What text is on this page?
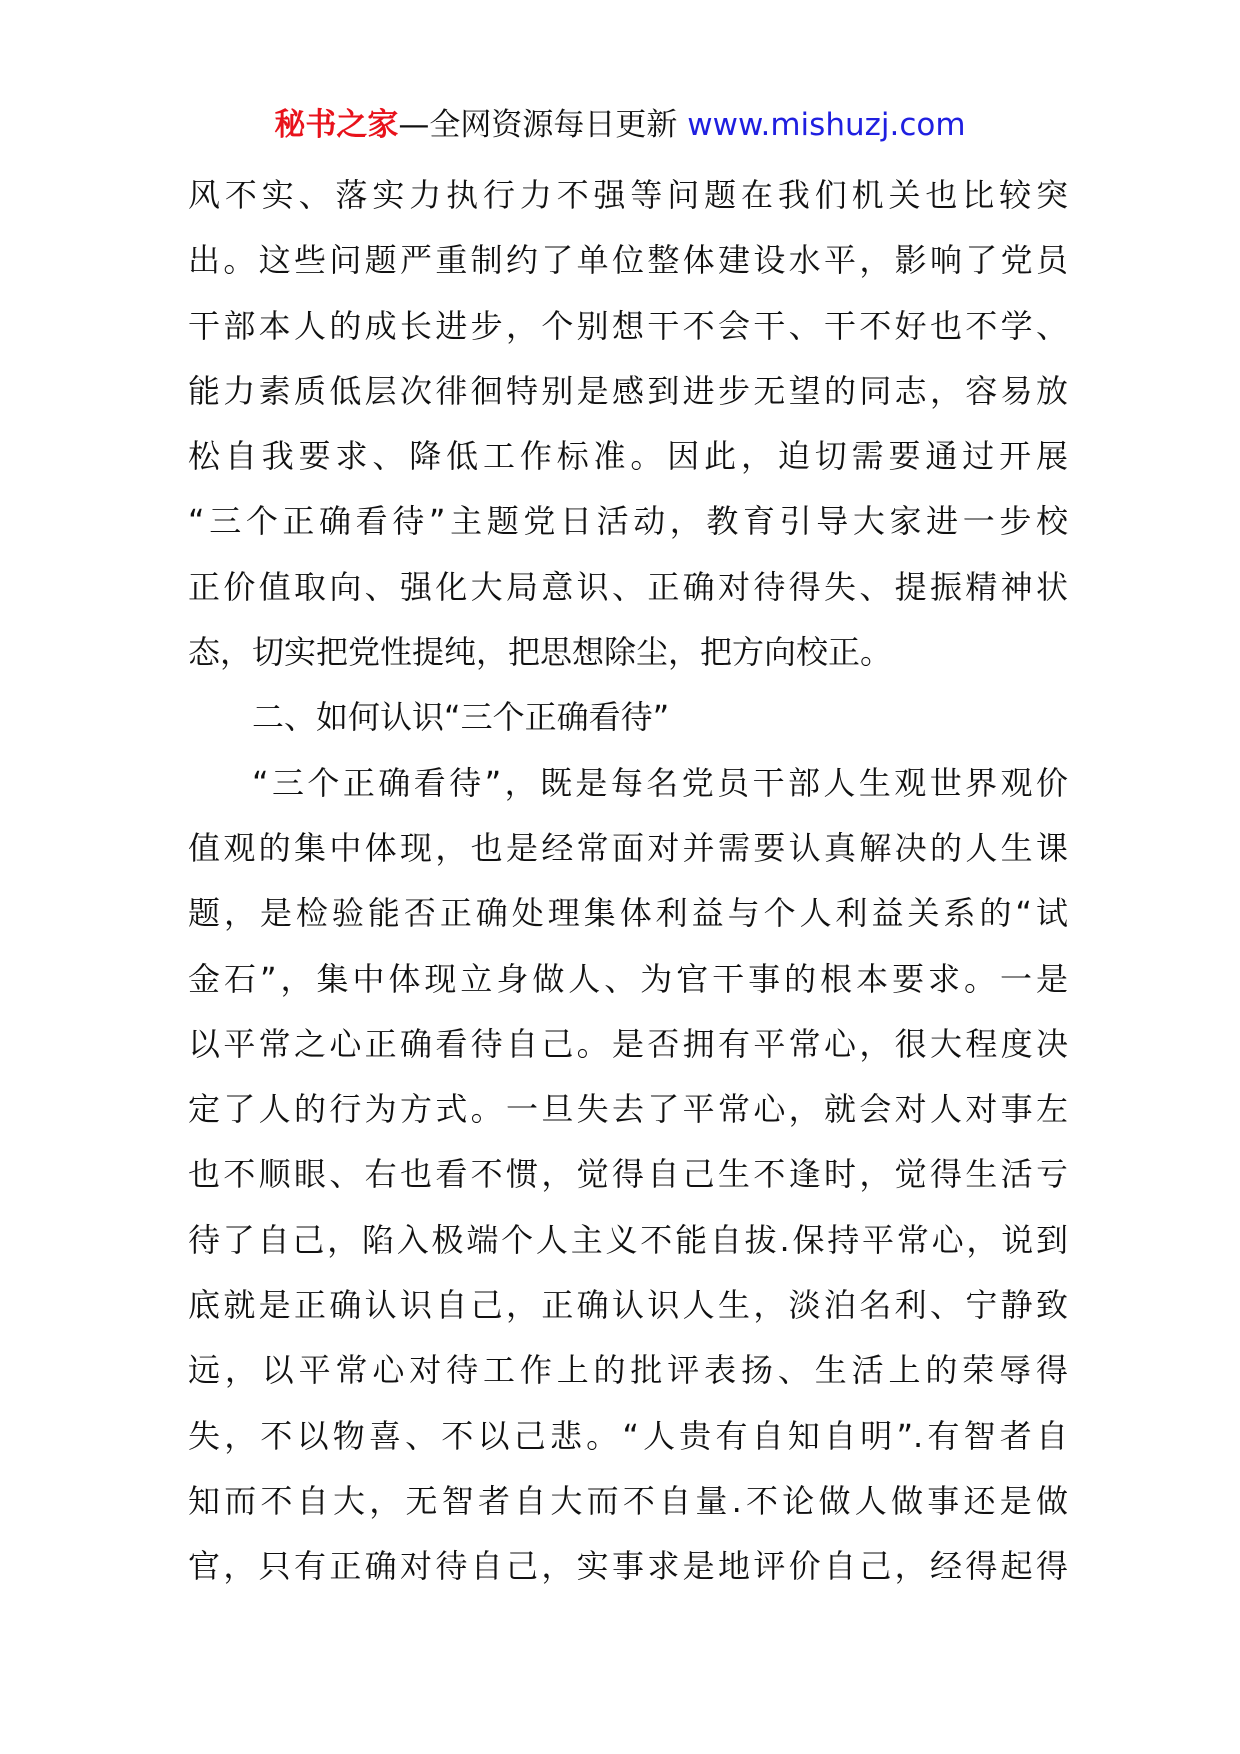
秘书之家—全网资源每日更新 www.mishuzj.com
风不实、落实力执行力不强等问题在我们机关也比较突
出。这些问题严重制约了单位整体建设水平，影响了党员
干部本人的成长进步，个别想干不会干、干不好也不学、
能力素质低层次徘徊特别是感到进步无望的同志，容易放
松自我要求、降低工作标准。因此，迫切需要通过开展
“三个正确看待”主题党日活动，教育引导大家进一步校
正价值取向、强化大局意识、正确对待得失、提振精神状
态，切实把党性提纯，把思想除尘，把方向校正。
二、如何认识“三个正确看待”
“三个正确看待”，既是每名党员干部人生观世界观价
值观的集中体现，也是经常面对并需要认真解决的人生课
题，是检验能否正确处理集体利益与个人利益关系的“试
金石”，集中体现立身做人、为官干事的根本要求。一是
以平常之心正确看待自己。是否拥有平常心，很大程度决
定了人的行为方式。一旦失去了平常心，就会对人对事左
也不顺眼、右也看不惯，觉得自己生不逢时，觉得生活亏
待了自己，陷入极端个人主义不能自拔.保持平常心，说到
底就是正确认识自己，正确认识人生，淡泊名利、宁静致
远，以平常心对待工作上的批评表扬、生活上的荣辱得
失，不以物喜、不以己悲。“人贵有自知自明”.有智者自
知而不自大，无智者自大而不自量.不论做人做事还是做
官，只有正确对待自己，实事求是地评价自己，经得起得
